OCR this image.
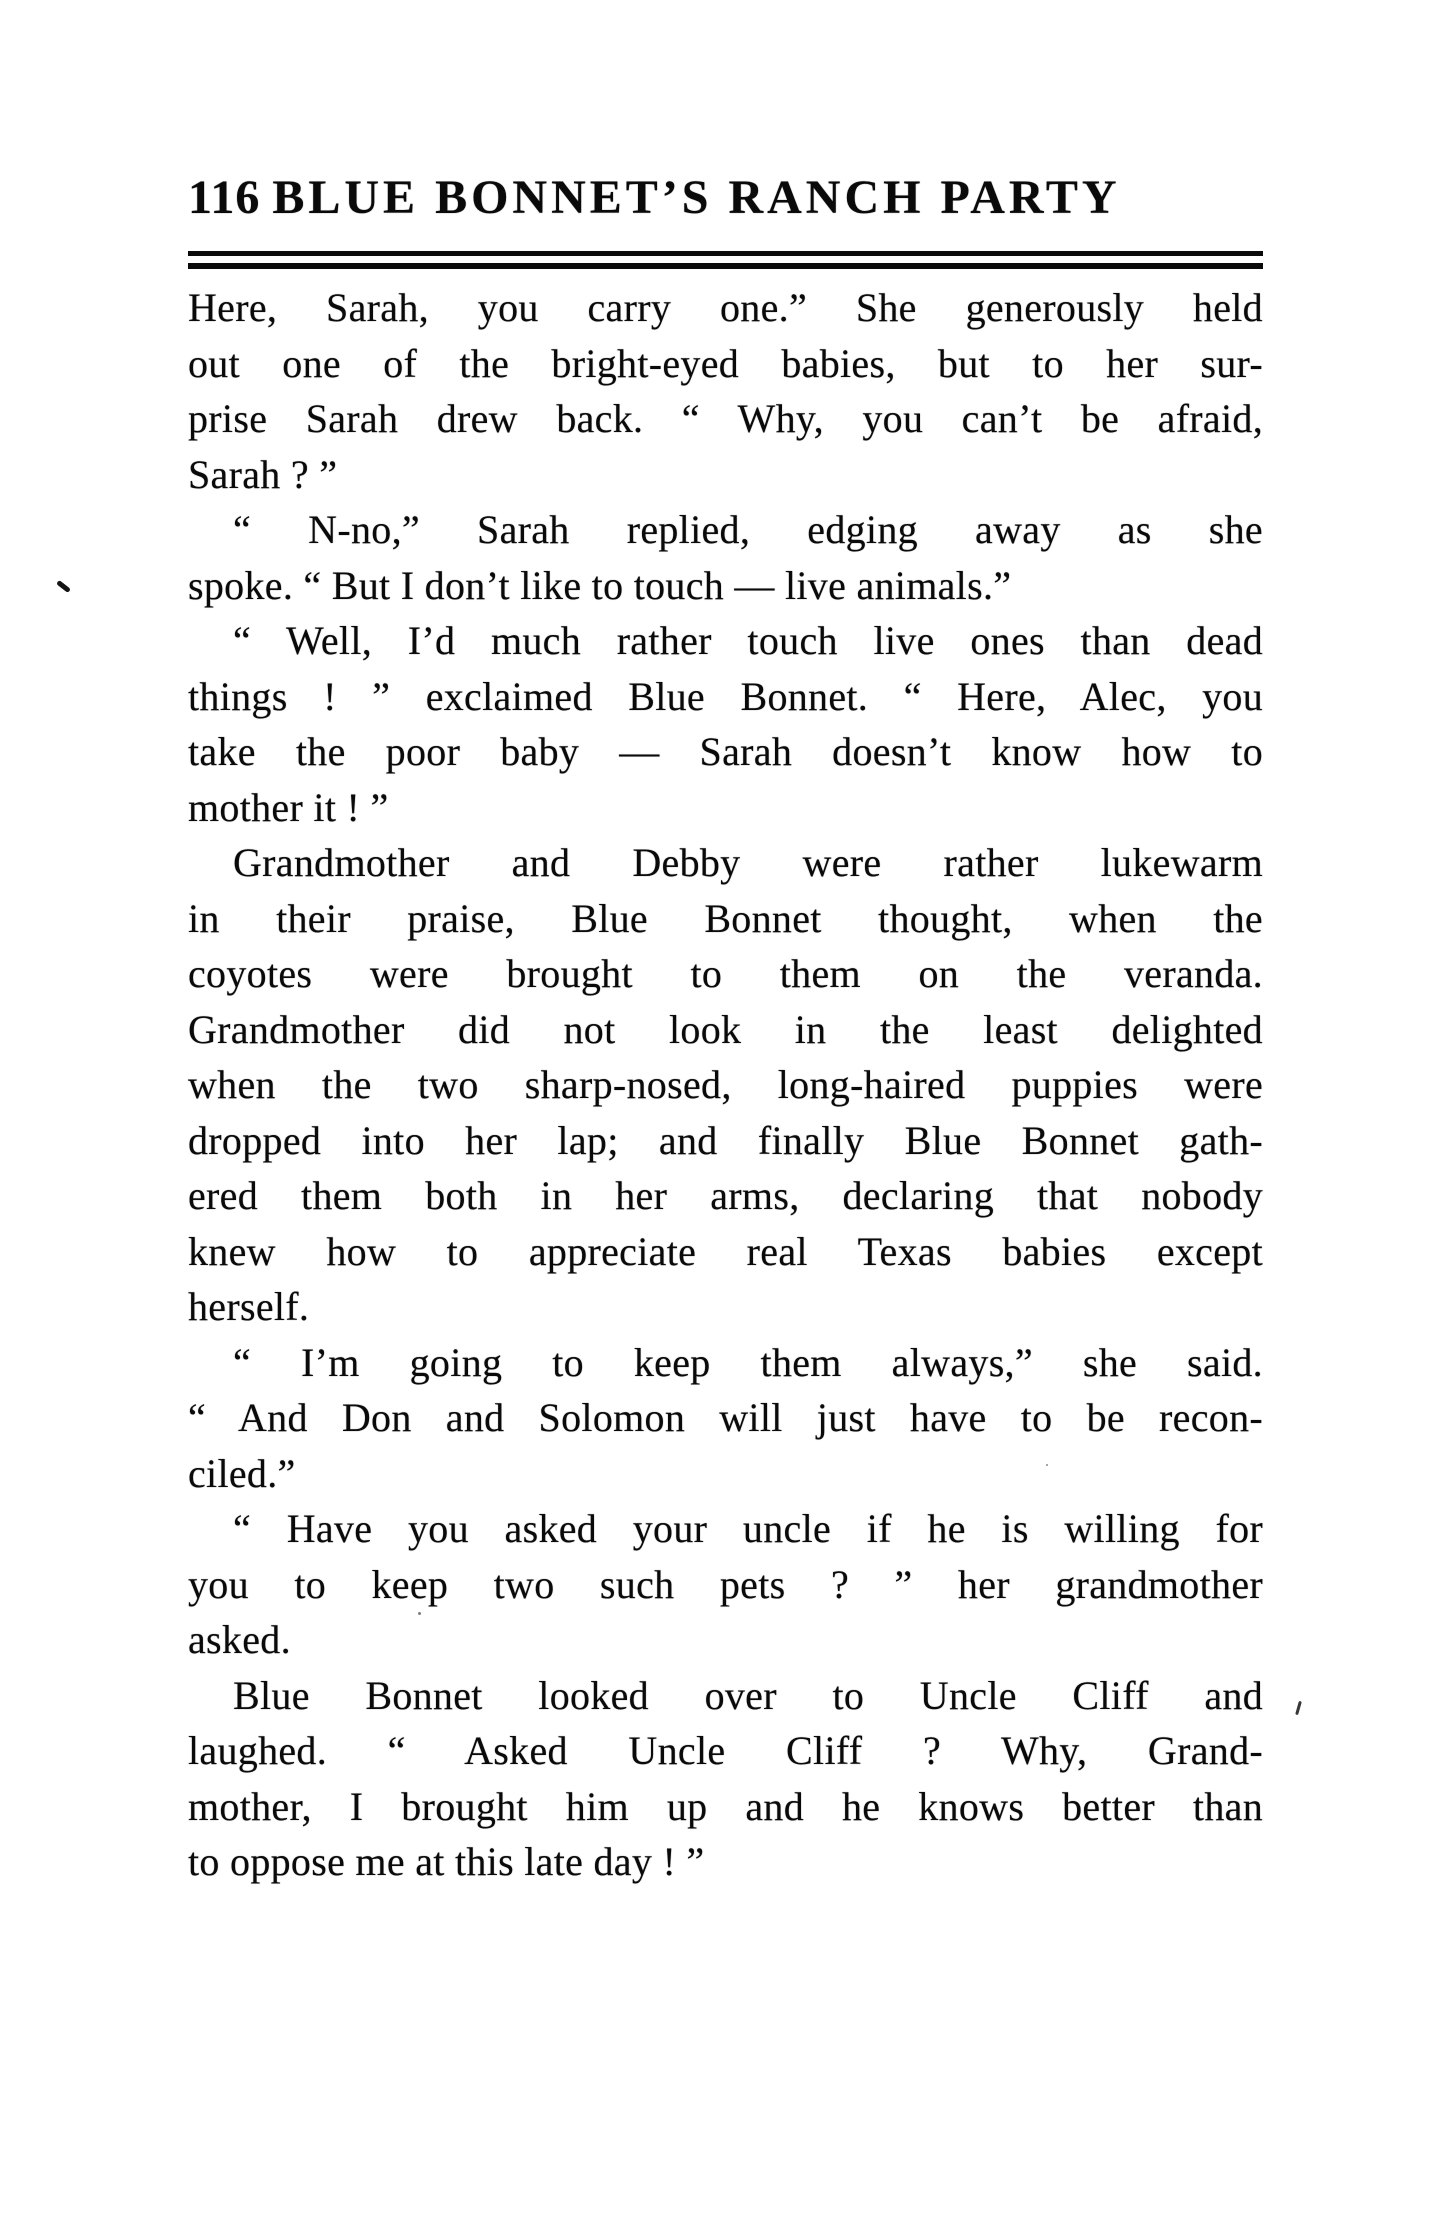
116 BLUE BONNET’S RANCH PARTY
Here, Sarah, you carry one.” She generously held
out one of the bright-eyed babies, but to her sur-
prise Sarah drew back. “ Why, you can’t be afraid,
Sarah ? ”
“ N-no,” Sarah replied, edging away as she
spoke. “ But I don’t like to touch — live animals.”
“ Well, I’d much rather touch live ones than dead
things ! ” exclaimed Blue Bonnet. “ Here, Alec, you
take the poor baby — Sarah doesn’t know how to
mother it ! ”
Grandmother and Debby were rather lukewarm
in their praise, Blue Bonnet thought, when the
coyotes were brought to them on the veranda.
Grandmother did not look in the least delighted
when the two sharp-nosed, long-haired puppies were
dropped into her lap; and finally Blue Bonnet gath-
ered them both in her arms, declaring that nobody
knew how to appreciate real Texas babies except
herself.
“ I’m going to keep them always,” she said.
“ And Don and Solomon will just have to be recon-
ciled.”
“ Have you asked your uncle if he is willing for
you to keep two such pets ? ” her grandmother
asked.
Blue Bonnet looked over to Uncle Cliff and
laughed. “ Asked Uncle Cliff ? Why, Grand-
mother, I brought him up and he knows better than
to oppose me at this late day ! ”
